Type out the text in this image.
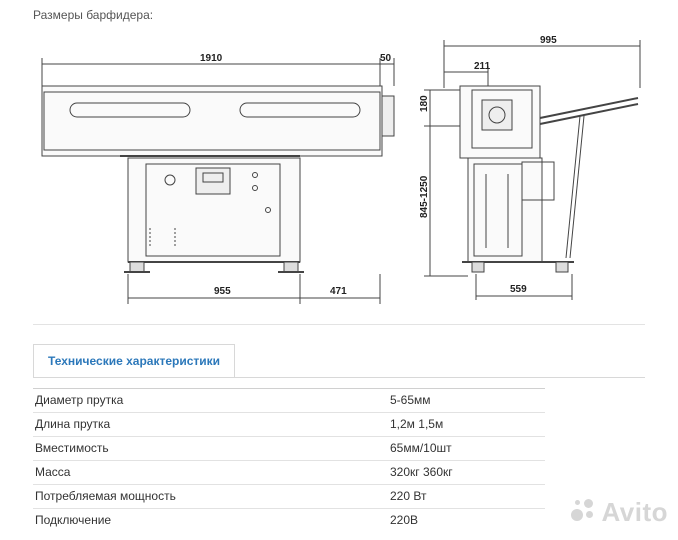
Размеры барфидера:
1910	50
955	471
995
211
180
845-1250
559
Технические характеристики
Диаметр прутка	5-65мм
Длина прутка	1,2м 1,5м
Вместимость	65мм/10шт
Масса	320кг 360кг
Потребляемая мощность	220 Вт
Подключение	220В	Avito
